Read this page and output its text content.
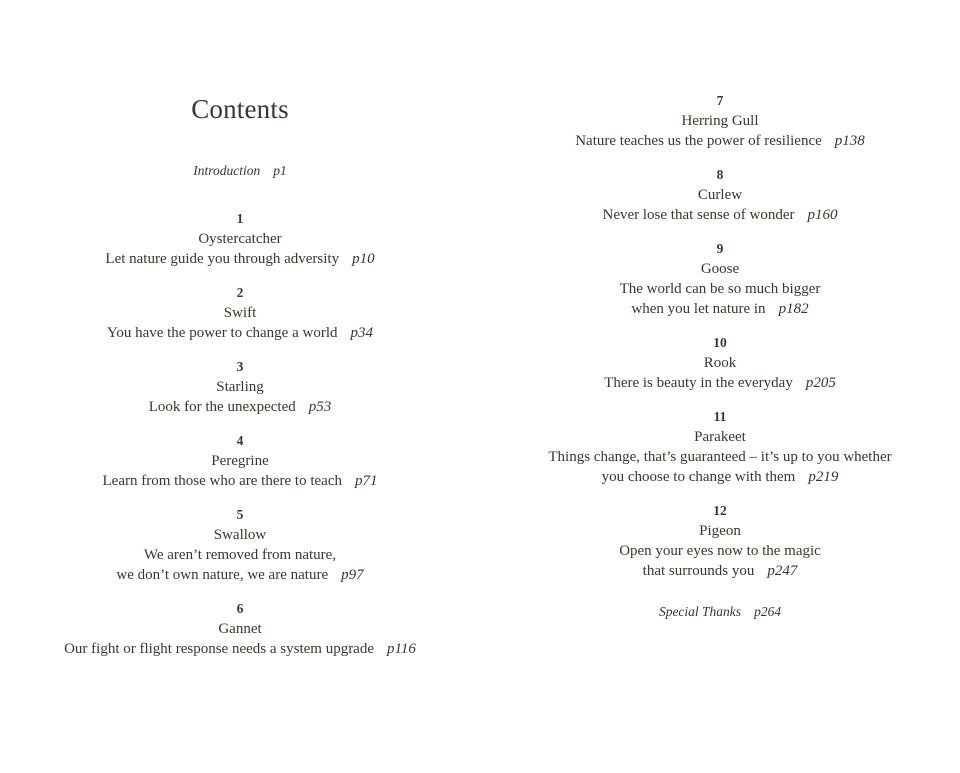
Contents
Introduction p1
1
Oystercatcher
Let nature guide you through adversity p10
2
Swift
You have the power to change a world p34
3
Starling
Look for the unexpected p53
4
Peregrine
Learn from those who are there to teach p71
5
Swallow
We aren’t removed from nature,
we don’t own nature, we are nature p97
6
Gannet
Our fight or flight response needs a system upgrade p116
7
Herring Gull
Nature teaches us the power of resilience p138
8
Curlew
Never lose that sense of wonder p160
9
Goose
The world can be so much bigger
when you let nature in p182
10
Rook
There is beauty in the everyday p205
11
Parakeet
Things change, that’s guaranteed – it’s up to you whether
you choose to change with them p219
12
Pigeon
Open your eyes now to the magic
that surrounds you p247
Special Thanks p264
